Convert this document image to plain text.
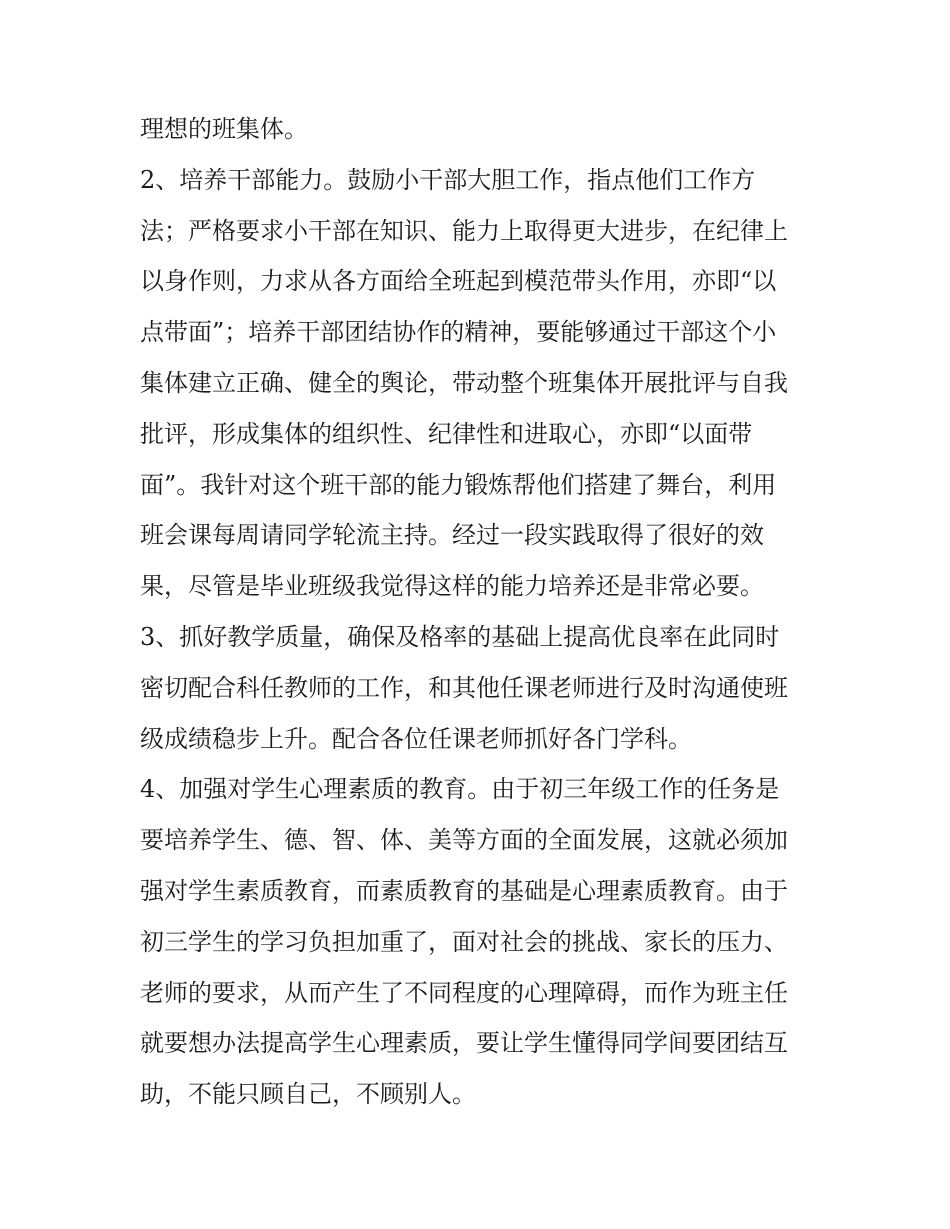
理想的班集体。
2、培养干部能力。鼓励小干部大胆工作，指点他们工作方
法；严格要求小干部在知识、能力上取得更大进步，在纪律上
以身作则，力求从各方面给全班起到模范带头作用，亦即“以
点带面”；培养干部团结协作的精神，要能够通过干部这个小
集体建立正确、健全的舆论，带动整个班集体开展批评与自我
批评，形成集体的组织性、纪律性和进取心，亦即“以面带
面”。我针对这个班干部的能力锻炼帮他们搭建了舞台，利用
班会课每周请同学轮流主持。经过一段实践取得了很好的效
果，尽管是毕业班级我觉得这样的能力培养还是非常必要。
3、抓好教学质量，确保及格率的基础上提高优良率在此同时
密切配合科任教师的工作，和其他任课老师进行及时沟通使班
级成绩稳步上升。配合各位任课老师抓好各门学科。
4、加强对学生心理素质的教育。由于初三年级工作的任务是
要培养学生、德、智、体、美等方面的全面发展，这就必须加
强对学生素质教育，而素质教育的基础是心理素质教育。由于
初三学生的学习负担加重了，面对社会的挑战、家长的压力、
老师的要求，从而产生了不同程度的心理障碍，而作为班主任
就要想办法提高学生心理素质，要让学生懂得同学间要团结互
助，不能只顾自己，不顾别人。
